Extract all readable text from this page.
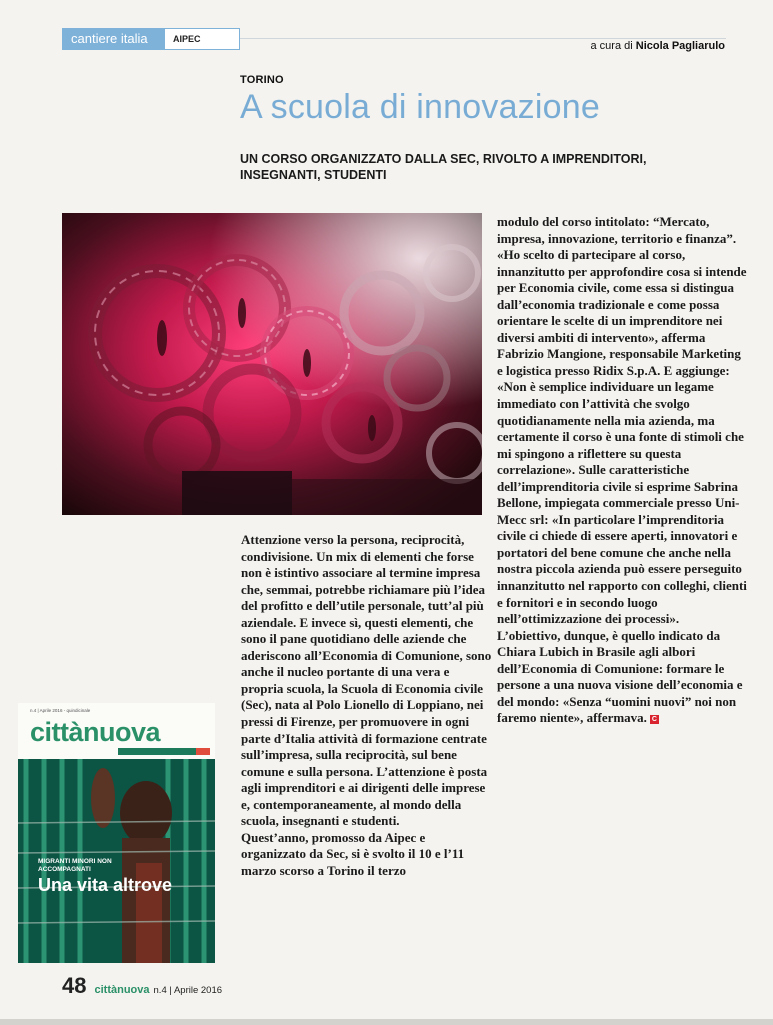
cantiere italia	AIPEC
a cura di Nicola Pagliarulo
TORINO
A scuola di innovazione
UN CORSO ORGANIZZATO DALLA SEC, RIVOLTO A IMPRENDITORI, INSEGNANTI, STUDENTI

Attenzione verso la persona, reciprocità, condivisione. Un mix di elementi che forse non è istintivo associare al termine impresa che, semmai, potrebbe richiamare più l’idea del profitto e dell’utile personale, tutt’al più aziendale. E invece sì, questi elementi, che sono il pane quotidiano delle aziende che aderiscono all’Economia di Comunione, sono anche il nucleo portante di una vera e propria scuola, la Scuola di Economia civile (Sec), nata al Polo Lionello di Loppiano, nei pressi di Firenze, per promuovere in ogni parte d’Italia attività di formazione centrate sull’impresa, sulla reciprocità, sul bene comune e sulla persona. L’attenzione è posta agli imprenditori e ai dirigenti delle imprese e, contemporaneamente, al mondo della scuola, insegnanti e studenti.

Quest’anno, promosso da Aipec e organizzato da Sec, si è svolto il 10 e l’11 marzo scorso a Torino il terzo

modulo del corso intitolato: “Mercato, impresa, innovazione, territorio e finanza”. «Ho scelto di partecipare al corso, innanzitutto per approfondire cosa si intende per Economia civile, come essa si distingua dall’economia tradizionale e come possa orientare le scelte di un imprenditore nei diversi ambiti di intervento», afferma Fabrizio Mangione, responsabile Marketing e logistica presso Ridix S.p.A. E aggiunge: «Non è semplice individuare un legame immediato con l’attività che svolgo quotidianamente nella mia azienda, ma certamente il corso è una fonte di stimoli che mi spingono a riflettere su questa correlazione». Sulle caratteristiche dell’imprenditoria civile si esprime Sabrina Bellone, impiegata commerciale presso Uni-Mecc srl: «In particolare l’imprenditoria civile ci chiede di essere aperti, innovatori e portatori del bene comune che anche nella nostra piccola azienda può essere perseguito innanzitutto nel rapporto con colleghi, clienti e fornitori e in secondo luogo nell’ottimizzazione dei processi».

L’obiettivo, dunque, è quello indicato da Chiara Lubich in Brasile agli albori dell’Economia di Comunione: formare le persone a una nuova visione dell’economia e del mondo: «Senza “uomini nuovi” noi non faremo niente», affermava. C

n.4 | Aprile 2016 - quindicinale
cittànuova
MIGRANTI MINORI NON ACCOMPAGNATI
Una vita altrove
48 cittànuova n.4 | Aprile 2016
